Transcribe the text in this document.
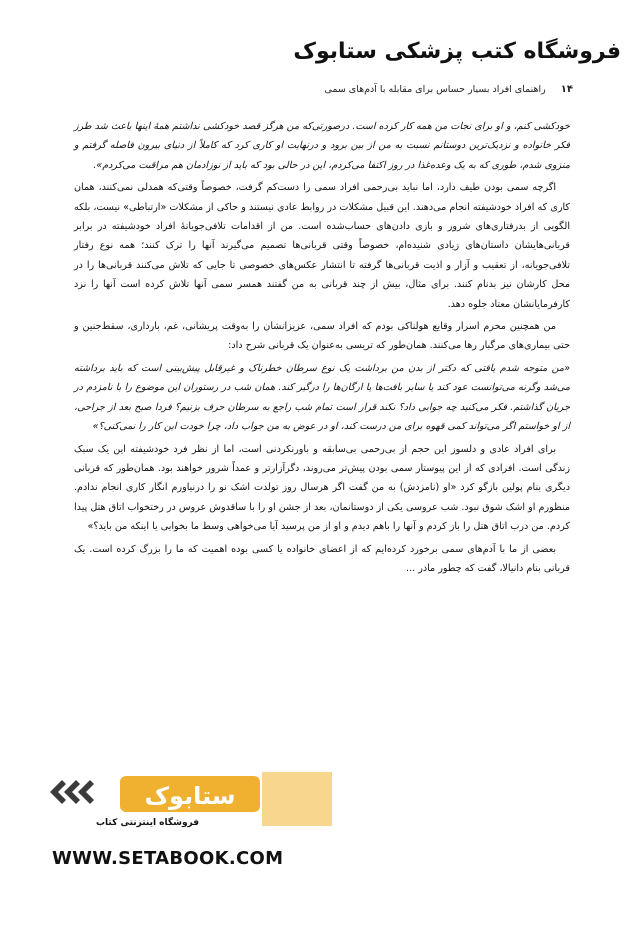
فروشگاه کتب پزشکی ستابوک
۱۴ راهنمای افراد بسیار حساس برای مقابله با آدم‌های سمی

خودکشی کنم، و او برای نجات من همه کار کرده است. درصورتی‌که من هرگز قصد خودکشی نداشتم همهٔ اینها باعث شد طرز فکر خانواده و نزدیک‌ترین دوستانم نسبت به من از بین برود و درنهایت او کاری کرد که کاملاً از دنیای بیرون فاصله گرفتم و منزوی شدم، طوری که به یک وعده‌غذا در روز اکتفا می‌کردم، این در حالی بود که باید از نوزادمان هم مراقبت می‌کردم».

اگرچه سمی بودن طیف دارد، اما نباید بی‌رحمی افراد سمی را دست‌کم گرفت، خصوصاً وقتی‌که همدلی نمی‌کنند، همان کاری که افراد خودشیفته انجام می‌دهند. این قبیل مشکلات در روابط عادی نیستند و حاکی از مشکلات «ارتباطی» نیست، بلکه الگویی از بدرفتاری‌های شرور و بازی دادن‌های حساب‌شده است. من از اقدامات تلافی‌جویانهٔ افراد خودشیفته در برابر قربانی‌هایشان داستان‌های زیادی شنیده‌ام، خصوصاً وقتی قربانی‌ها تصمیم می‌گیرند آنها را ترک کنند؛ همه نوع رفتار تلافی‌جویانه، از تعقیب و آزار و اذیت قربانی‌ها گرفته تا انتشار عکس‌های خصوصی تا جایی که تلاش می‌کنند قربانی‌ها را در محل کارشان نیز بدنام کنند. برای مثال، بیش از چند قربانی به من گفتند همسر سمی آنها تلاش کرده است آنها را نزد کارفرمایانشان معتاد جلوه دهد.

من همچنین محرم اسرار وقایع هولناکی بودم که افراد سمی، عزیزانشان را به‌وقت پریشانی، غم، بارداری، سقط‌جنین و حتی بیماری‌های مرگبار رها می‌کنند. همان‌طور که تریسی به‌عنوان یک قربانی شرح داد:

«من متوجه شدم یافتی که دکتر از بدن من برداشت یک نوع سرطان خطرناک و غیرقابل پیش‌بینی است که باید برداشته می‌شد وگرنه می‌توانست عود کند یا سایر بافت‌ها یا ارگان‌ها را درگیر کند. همان شب در رستوران این موضوع را با نامزدم در جریان گذاشتم. فکر می‌کنید چه جوابی داد؟ نکند قرار است تمام شب راجع به سرطان حرف بزنیم؟ فردا صبح بعد از جراحی، از او خواستم اگر می‌تواند کمی قهوه برای من درست کند، او در عوض به من جواب داد، چرا خودت این کار را نمی‌کنی؟»

برای افراد عادی و دلسوز این حجم از بی‌رحمی بی‌سابقه و باورنکردنی است، اما از نظر فرد خودشیفته این یک سبک زندگی است. افرادی که از این پیوستار سمی بودن پیش‌تر می‌روند، دگرآزارتر و عمداً شرور خواهند بود. همان‌طور که قربانی دیگری بنام پولین بازگو کرد «او (نامزدش) به من گفت اگر هرسال روز تولدت اشک نو را درنیاورم انگار کاری انجام ندادم. منظورم او اشک شوق نبود. شب عروسی یکی از دوستانمان، بعد از جشن او را با ساقدوش عروس در رختخواب اتاق هتل پیدا کردم. من درب اتاق هتل را باز کردم و آنها را باهم دیدم و او از من پرسید آیا می‌خواهی وسط ما بخوابی یا اینکه من باید؟»

بعضی از ما با آدم‌های سمی برخورد کرده‌ایم که از اعضای خانواده یا کسی بوده اهمیت که ما را بزرگ کرده است. یک قربانی بنام دانیالا، گفت که چطور مادر ...

ستابوک
فروشگاه اینترنتی کتاب
WWW.SETABOOK.COM
